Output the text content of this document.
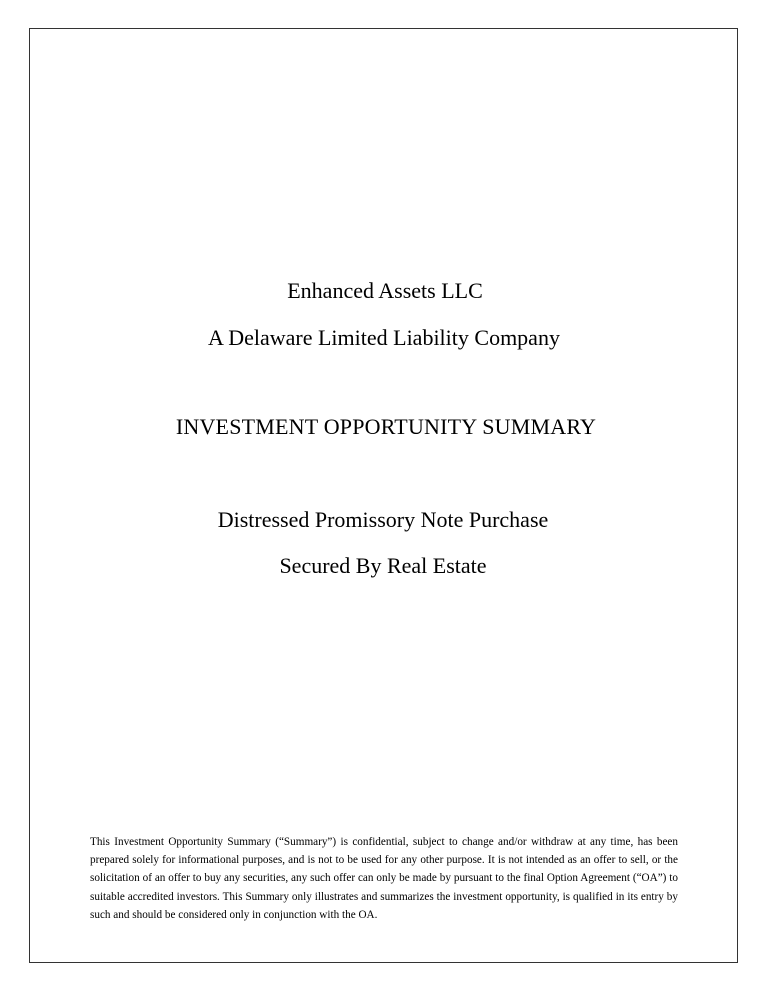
Enhanced Assets LLC
A Delaware Limited Liability Company
INVESTMENT OPPORTUNITY SUMMARY
Distressed Promissory Note Purchase
Secured By Real Estate

This Investment Opportunity Summary (“Summary”) is confidential, subject to change and/or withdraw at any time, has been prepared solely for informational purposes, and is not to be used for any other purpose. It is not intended as an offer to sell, or the solicitation of an offer to buy any securities, any such offer can only be made by pursuant to the final Option Agreement (“OA”) to suitable accredited investors. This Summary only illustrates and summarizes the investment opportunity, is qualified in its entry by such and should be considered only in conjunction with the OA.
